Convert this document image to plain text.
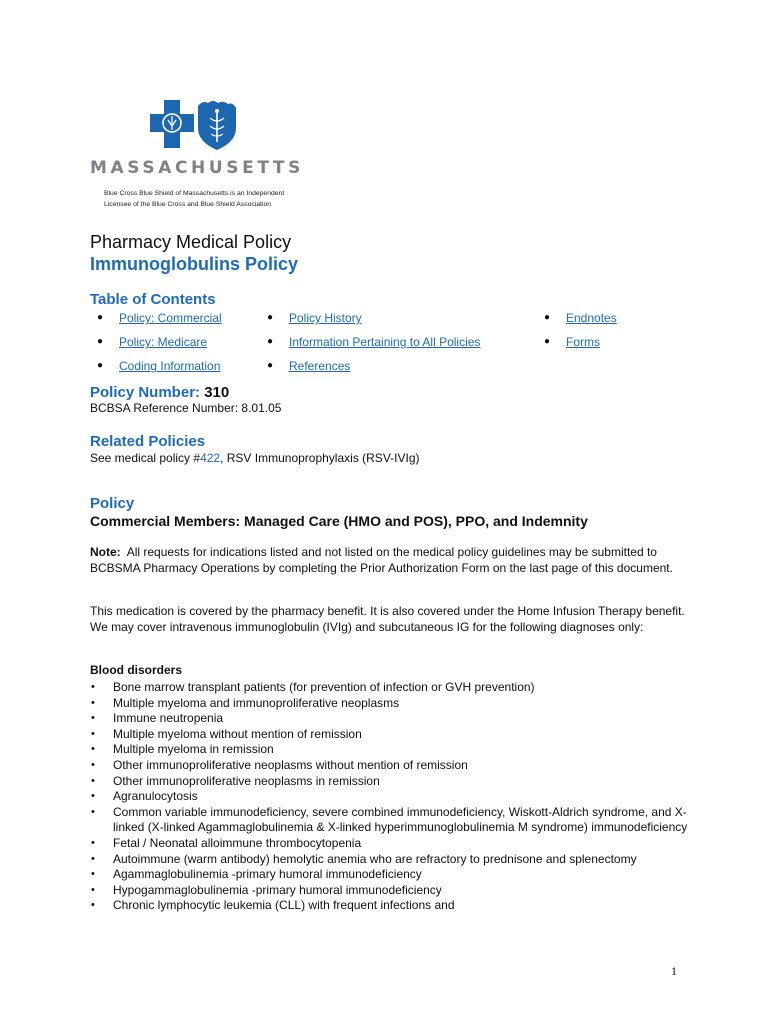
MASSACHUSETTS
Blue Cross Blue Shield of Massachusetts is an Independent
Licensee of the Blue Cross and Blue Shield Association
Pharmacy Medical Policy
Immunoglobulins Policy
Table of Contents
● Policy: Commercial	● Policy History	● Endnotes
● Policy: Medicare	● Information Pertaining to All Policies	● Forms
● Coding Information	● References
Policy Number: 310
BCBSA Reference Number: 8.01.05
Related Policies
See medical policy #422, RSV Immunoprophylaxis (RSV-IVIg)
Policy
Commercial Members: Managed Care (HMO and POS), PPO, and Indemnity

Note: All requests for indications listed and not listed on the medical policy guidelines may be submitted to BCBSMA Pharmacy Operations by completing the Prior Authorization Form on the last page of this document.

This medication is covered by the pharmacy benefit. It is also covered under the Home Infusion Therapy benefit.
We may cover intravenous immunoglobulin (IVIg) and subcutaneous IG for the following diagnoses only:

Blood disorders
• Bone marrow transplant patients (for prevention of infection or GVH prevention)
• Multiple myeloma and immunoproliferative neoplasms
• Immune neutropenia
• Multiple myeloma without mention of remission
• Multiple myeloma in remission
• Other immunoproliferative neoplasms without mention of remission
• Other immunoproliferative neoplasms in remission
• Agranulocytosis
• Common variable immunodeficiency, severe combined immunodeficiency, Wiskott-Aldrich syndrome, and X-linked (X-linked Agammaglobulinemia & X-linked hyperimmunoglobulinemia M syndrome) immunodeficiency
• Fetal / Neonatal alloimmune thrombocytopenia
• Autoimmune (warm antibody) hemolytic anemia who are refractory to prednisone and splenectomy
• Agammaglobulinemia -primary humoral immunodeficiency
• Hypogammaglobulinemia -primary humoral immunodeficiency
• Chronic lymphocytic leukemia (CLL) with frequent infections and
1
